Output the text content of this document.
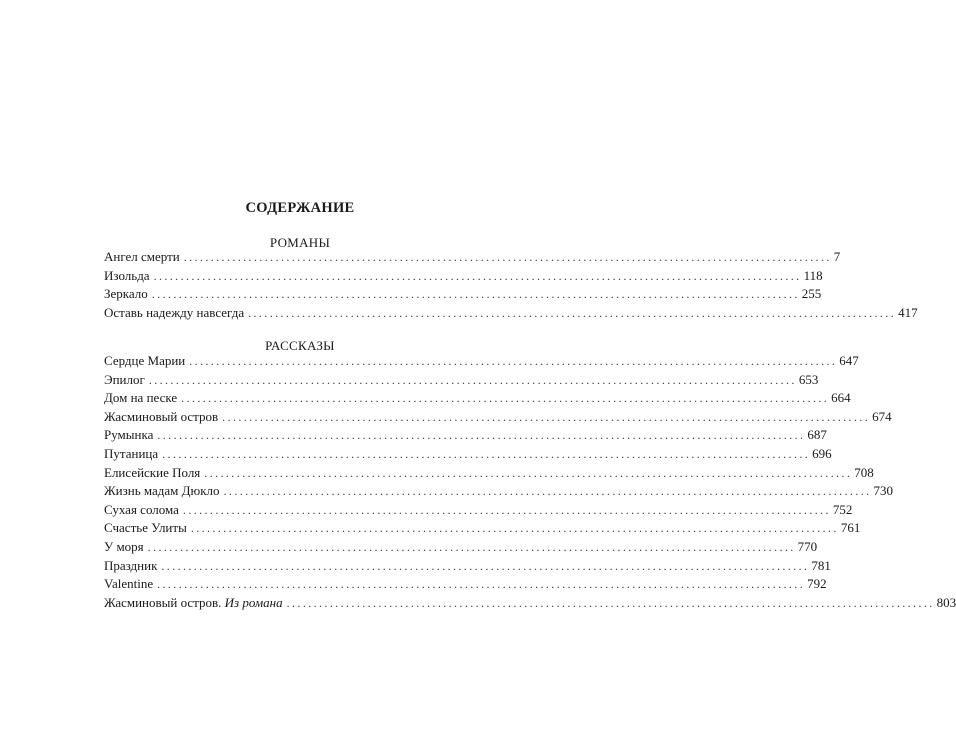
СОДЕРЖАНИЕ
РОМАНЫ
Ангел смерти ........................................................................................................................ 7
Изольда ........................................................................................................................ 118
Зеркало ........................................................................................................................ 255
Оставь надежду навсегда ........................................................................................................................ 417
РАССКАЗЫ
Сердце Марии ........................................................................................................................ 647
Эпилог ........................................................................................................................ 653
Дом на песке ........................................................................................................................ 664
Жасминовый остров ........................................................................................................................ 674
Румынка ........................................................................................................................ 687
Путаница ........................................................................................................................ 696
Елисейские Поля ........................................................................................................................ 708
Жизнь мадам Дюкло ........................................................................................................................ 730
Сухая солома ........................................................................................................................ 752
Счастье Улиты ........................................................................................................................ 761
У моря ........................................................................................................................ 770
Праздник ........................................................................................................................ 781
Valentine ........................................................................................................................ 792
Жасминовый остров. Из романа ........................................................................................................................ 803
